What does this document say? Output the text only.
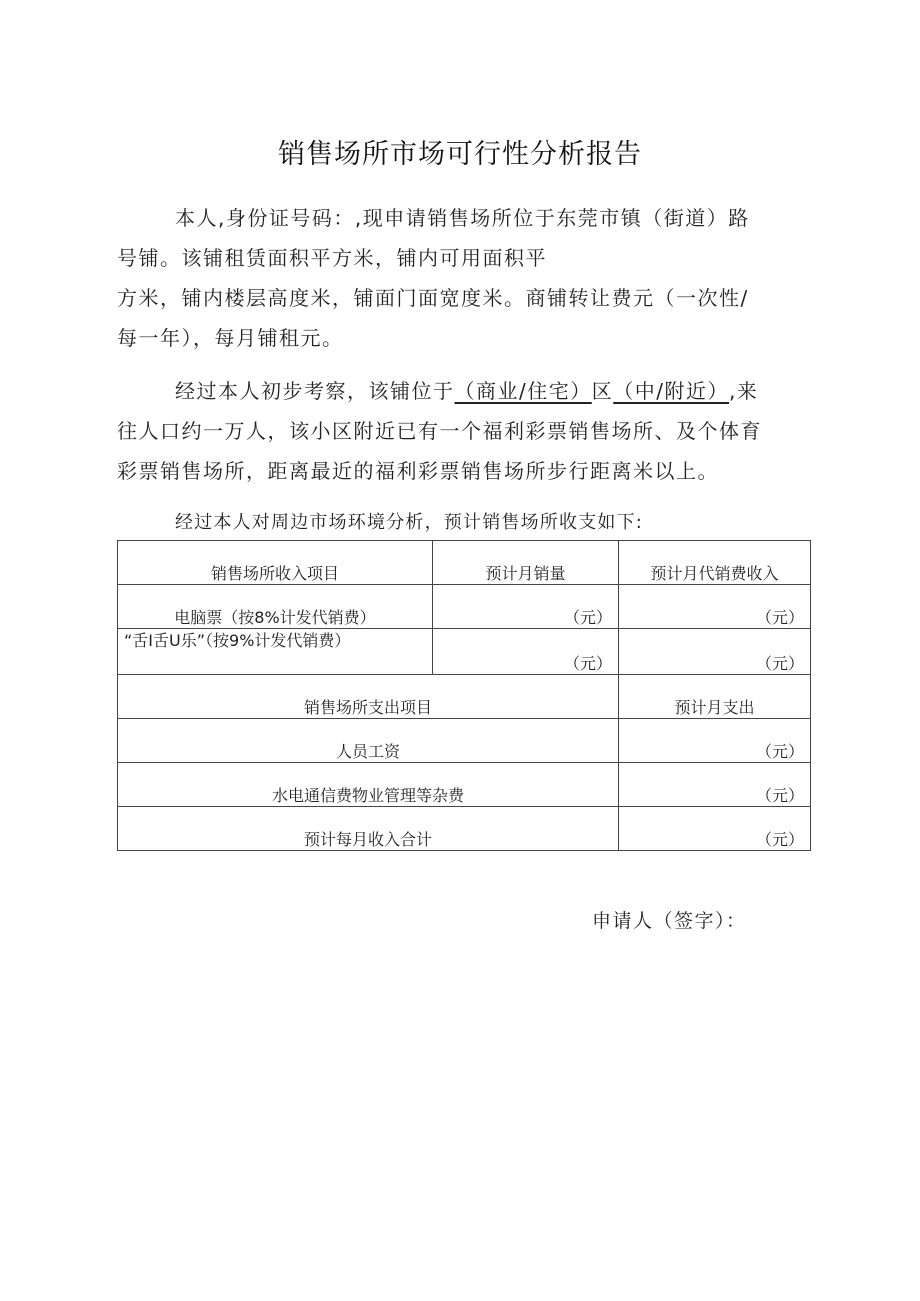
销售场所市场可行性分析报告
本人,身份证号码：,现申请销售场所位于东莞市镇（街道）路
号铺。该铺租赁面积平方米，铺内可用面积平
方米，铺内楼层高度米，铺面门面宽度米。商铺转让费元（一次性/
每一年），每月铺租元。
经过本人初步考察，该铺位于（商业/住宅）区（中/附近）,来
往人口约一万人，该小区附近已有一个福利彩票销售场所、及个体育
彩票销售场所，距离最近的福利彩票销售场所步行距离米以上。
经过本人对周边市场环境分析，预计销售场所收支如下:
销售场所收入项目	预计月销量	预计月代销费收入
电脑票（按8%计发代销费）	（元）	（元）
“舌I舌U乐”（按9%计发代销费）	（元）	（元）
销售场所支出项目		预计月支出
人员工资		（元）
水电通信费物业管理等杂费		（元）
预计每月收入合计		（元）
申请人（签字）：
